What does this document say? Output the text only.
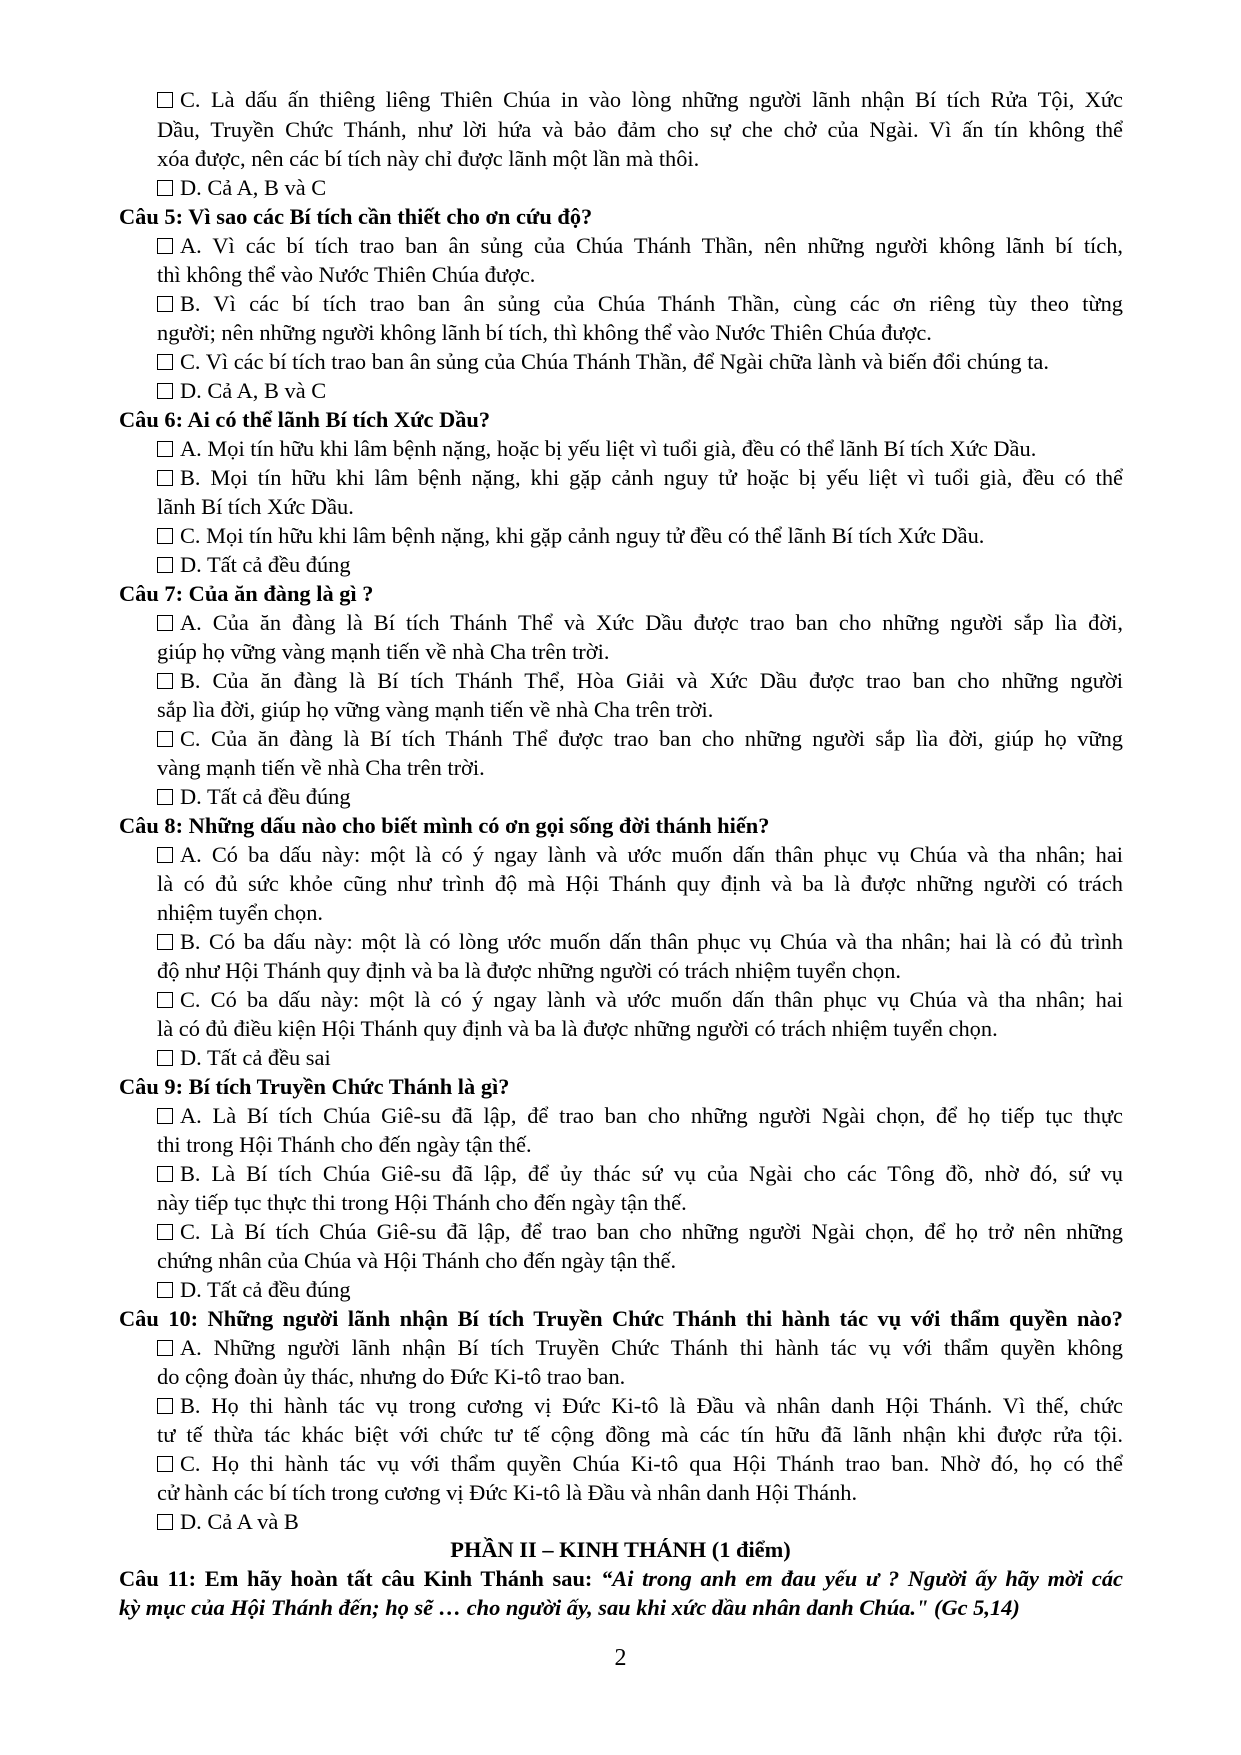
C. Là dấu ấn thiêng liêng Thiên Chúa in vào lòng những người lãnh nhận Bí tích Rửa Tội, Xức
Dầu, Truyền Chức Thánh, như lời hứa và bảo đảm cho sự che chở của Ngài. Vì ấn tín không thể
xóa được, nên các bí tích này chỉ được lãnh một lần mà thôi.
D. Cả A, B và C
Câu 5: Vì sao các Bí tích cần thiết cho ơn cứu độ?
A. Vì các bí tích trao ban ân sủng của Chúa Thánh Thần, nên những người không lãnh bí tích,
thì không thể vào Nước Thiên Chúa được.
B. Vì các bí tích trao ban ân sủng của Chúa Thánh Thần, cùng các ơn riêng tùy theo từng
người; nên những người không lãnh bí tích, thì không thể vào Nước Thiên Chúa được.
C. Vì các bí tích trao ban ân sủng của Chúa Thánh Thần, để Ngài chữa lành và biến đổi chúng ta.
D. Cả A, B và C
Câu 6: Ai có thể lãnh Bí tích Xức Dầu?
A. Mọi tín hữu khi lâm bệnh nặng, hoặc bị yếu liệt vì tuổi già, đều có thể lãnh Bí tích Xức Dầu.
B. Mọi tín hữu khi lâm bệnh nặng, khi gặp cảnh nguy tử hoặc bị yếu liệt vì tuổi già, đều có thể
lãnh Bí tích Xức Dầu.
C. Mọi tín hữu khi lâm bệnh nặng, khi gặp cảnh nguy tử đều có thể lãnh Bí tích Xức Dầu.
D. Tất cả đều đúng
Câu 7: Của ăn đàng là gì ?
A. Của ăn đàng là Bí tích Thánh Thể và Xức Dầu được trao ban cho những người sắp lìa đời,
giúp họ vững vàng mạnh tiến về nhà Cha trên trời.
B. Của ăn đàng là Bí tích Thánh Thể, Hòa Giải và Xức Dầu được trao ban cho những người
sắp lìa đời, giúp họ vững vàng mạnh tiến về nhà Cha trên trời.
C. Của ăn đàng là Bí tích Thánh Thể được trao ban cho những người sắp lìa đời, giúp họ vững
vàng mạnh tiến về nhà Cha trên trời.
D. Tất cả đều đúng
Câu 8: Những dấu nào cho biết mình có ơn gọi sống đời thánh hiến?
A. Có ba dấu này: một là có ý ngay lành và ước muốn dấn thân phục vụ Chúa và tha nhân; hai
là có đủ sức khỏe cũng như trình độ mà Hội Thánh quy định và ba là được những người có trách
nhiệm tuyển chọn.
B. Có ba dấu này: một là có lòng ước muốn dấn thân phục vụ Chúa và tha nhân; hai là có đủ trình
độ như Hội Thánh quy định và ba là được những người có trách nhiệm tuyển chọn.
C. Có ba dấu này: một là có ý ngay lành và ước muốn dấn thân phục vụ Chúa và tha nhân; hai
là có đủ điều kiện Hội Thánh quy định và ba là được những người có trách nhiệm tuyển chọn.
D. Tất cả đều sai
Câu 9: Bí tích Truyền Chức Thánh là gì?
A. Là Bí tích Chúa Giê-su đã lập, để trao ban cho những người Ngài chọn, để họ tiếp tục thực
thi trong Hội Thánh cho đến ngày tận thế.
B. Là Bí tích Chúa Giê-su đã lập, để ủy thác sứ vụ của Ngài cho các Tông đồ, nhờ đó, sứ vụ
này tiếp tục thực thi trong Hội Thánh cho đến ngày tận thế.
C. Là Bí tích Chúa Giê-su đã lập, để trao ban cho những người Ngài chọn, để họ trở nên những
chứng nhân của Chúa và Hội Thánh cho đến ngày tận thế.
D. Tất cả đều đúng
Câu 10: Những người lãnh nhận Bí tích Truyền Chức Thánh thi hành tác vụ với thẩm quyền nào?
A. Những người lãnh nhận Bí tích Truyền Chức Thánh thi hành tác vụ với thẩm quyền không
do cộng đoàn ủy thác, nhưng do Đức Ki-tô trao ban.
B. Họ thi hành tác vụ trong cương vị Đức Ki-tô là Đầu và nhân danh Hội Thánh. Vì thế, chức
tư tế thừa tác khác biệt với chức tư tế cộng đồng mà các tín hữu đã lãnh nhận khi được rửa tội.
C. Họ thi hành tác vụ với thẩm quyền Chúa Ki-tô qua Hội Thánh trao ban. Nhờ đó, họ có thể
cử hành các bí tích trong cương vị Đức Ki-tô là Đầu và nhân danh Hội Thánh.
D. Cả A và B
PHẦN II – KINH THÁNH (1 điểm)
Câu 11: Em hãy hoàn tất câu Kinh Thánh sau: “Ai trong anh em đau yếu ư ? Người ấy hãy mời các
kỳ mục của Hội Thánh đến; họ sẽ … cho người ấy, sau khi xức dầu nhân danh Chúa." (Gc 5,14)
2
